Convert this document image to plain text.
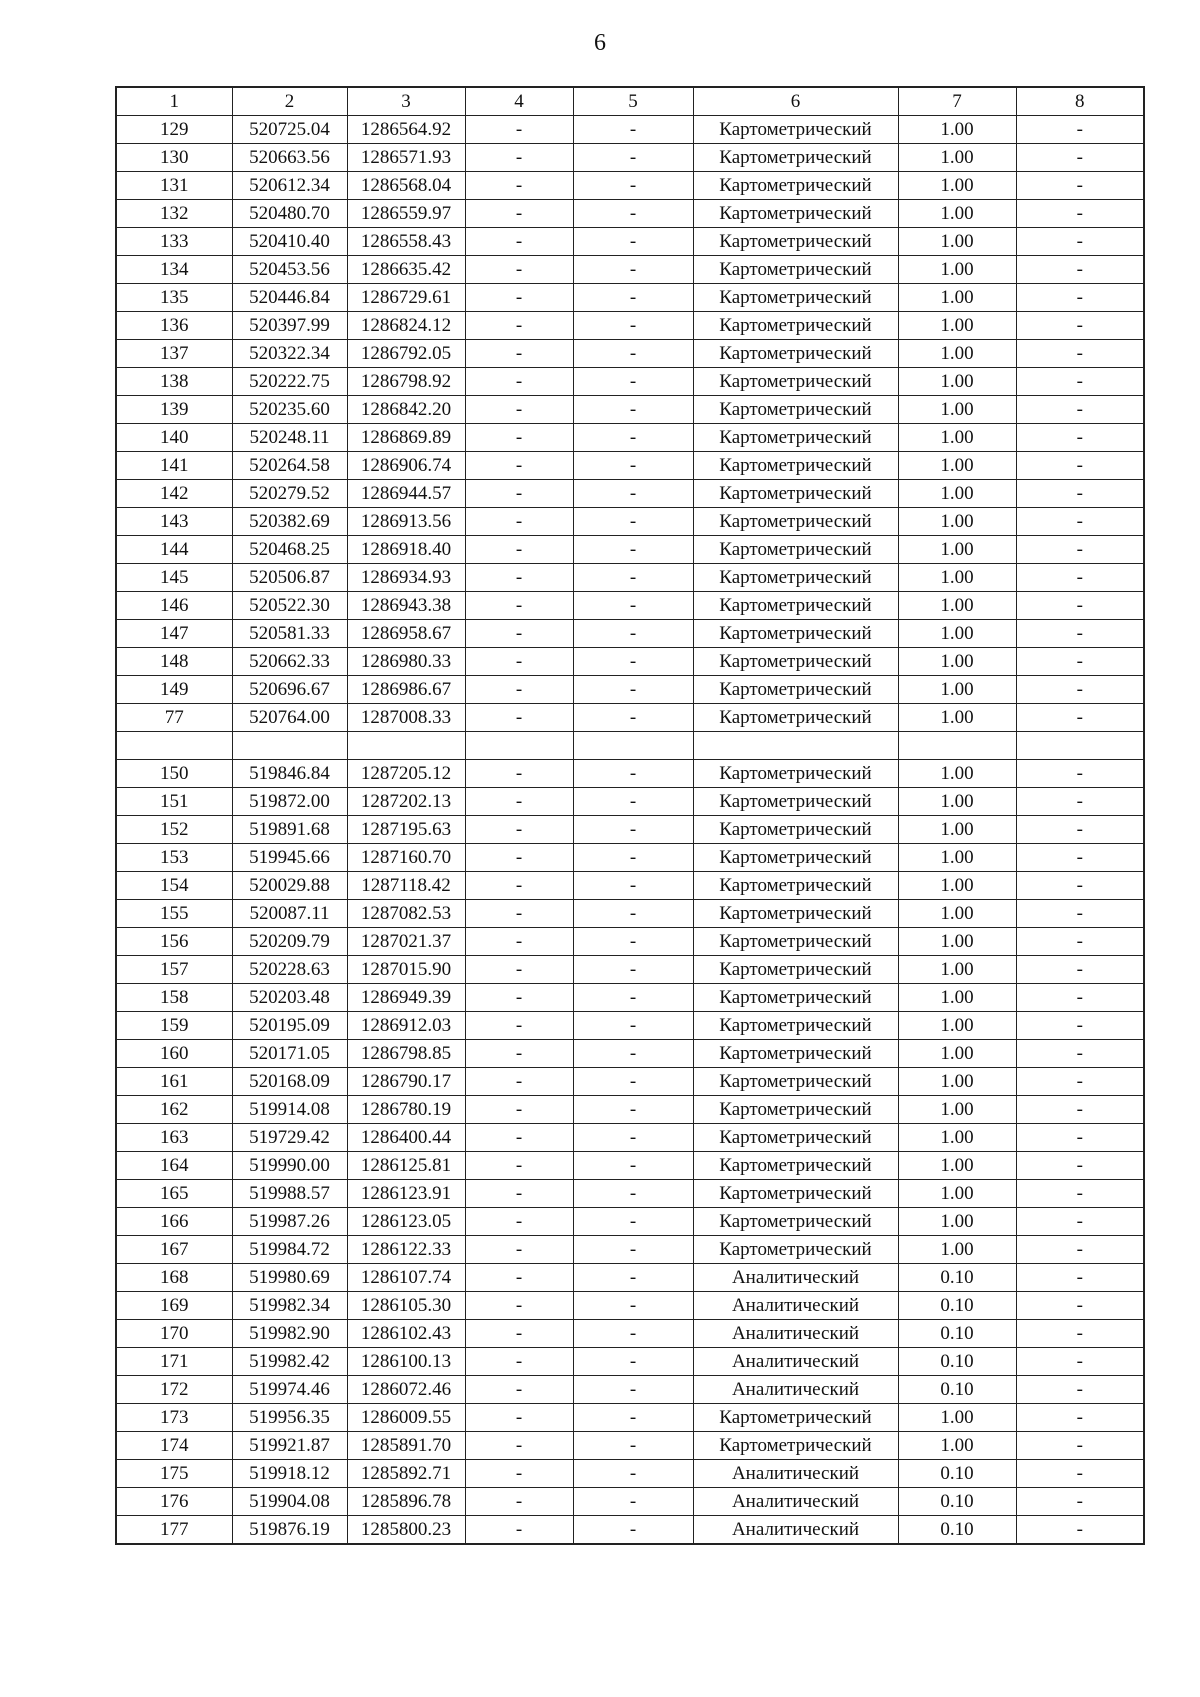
6
1	2	3	4	5	6	7	8
129	520725.04	1286564.92	-	-	Картометрический	1.00	-
130	520663.56	1286571.93	-	-	Картометрический	1.00	-
131	520612.34	1286568.04	-	-	Картометрический	1.00	-
132	520480.70	1286559.97	-	-	Картометрический	1.00	-
133	520410.40	1286558.43	-	-	Картометрический	1.00	-
134	520453.56	1286635.42	-	-	Картометрический	1.00	-
135	520446.84	1286729.61	-	-	Картометрический	1.00	-
136	520397.99	1286824.12	-	-	Картометрический	1.00	-
137	520322.34	1286792.05	-	-	Картометрический	1.00	-
138	520222.75	1286798.92	-	-	Картометрический	1.00	-
139	520235.60	1286842.20	-	-	Картометрический	1.00	-
140	520248.11	1286869.89	-	-	Картометрический	1.00	-
141	520264.58	1286906.74	-	-	Картометрический	1.00	-
142	520279.52	1286944.57	-	-	Картометрический	1.00	-
143	520382.69	1286913.56	-	-	Картометрический	1.00	-
144	520468.25	1286918.40	-	-	Картометрический	1.00	-
145	520506.87	1286934.93	-	-	Картометрический	1.00	-
146	520522.30	1286943.38	-	-	Картометрический	1.00	-
147	520581.33	1286958.67	-	-	Картометрический	1.00	-
148	520662.33	1286980.33	-	-	Картометрический	1.00	-
149	520696.67	1286986.67	-	-	Картометрический	1.00	-
77	520764.00	1287008.33	-	-	Картометрический	1.00	-

150	519846.84	1287205.12	-	-	Картометрический	1.00	-
151	519872.00	1287202.13	-	-	Картометрический	1.00	-
152	519891.68	1287195.63	-	-	Картометрический	1.00	-
153	519945.66	1287160.70	-	-	Картометрический	1.00	-
154	520029.88	1287118.42	-	-	Картометрический	1.00	-
155	520087.11	1287082.53	-	-	Картометрический	1.00	-
156	520209.79	1287021.37	-	-	Картометрический	1.00	-
157	520228.63	1287015.90	-	-	Картометрический	1.00	-
158	520203.48	1286949.39	-	-	Картометрический	1.00	-
159	520195.09	1286912.03	-	-	Картометрический	1.00	-
160	520171.05	1286798.85	-	-	Картометрический	1.00	-
161	520168.09	1286790.17	-	-	Картометрический	1.00	-
162	519914.08	1286780.19	-	-	Картометрический	1.00	-
163	519729.42	1286400.44	-	-	Картометрический	1.00	-
164	519990.00	1286125.81	-	-	Картометрический	1.00	-
165	519988.57	1286123.91	-	-	Картометрический	1.00	-
166	519987.26	1286123.05	-	-	Картометрический	1.00	-
167	519984.72	1286122.33	-	-	Картометрический	1.00	-
168	519980.69	1286107.74	-	-	Аналитический	0.10	-
169	519982.34	1286105.30	-	-	Аналитический	0.10	-
170	519982.90	1286102.43	-	-	Аналитический	0.10	-
171	519982.42	1286100.13	-	-	Аналитический	0.10	-
172	519974.46	1286072.46	-	-	Аналитический	0.10	-
173	519956.35	1286009.55	-	-	Картометрический	1.00	-
174	519921.87	1285891.70	-	-	Картометрический	1.00	-
175	519918.12	1285892.71	-	-	Аналитический	0.10	-
176	519904.08	1285896.78	-	-	Аналитический	0.10	-
177	519876.19	1285800.23	-	-	Аналитический	0.10	-
